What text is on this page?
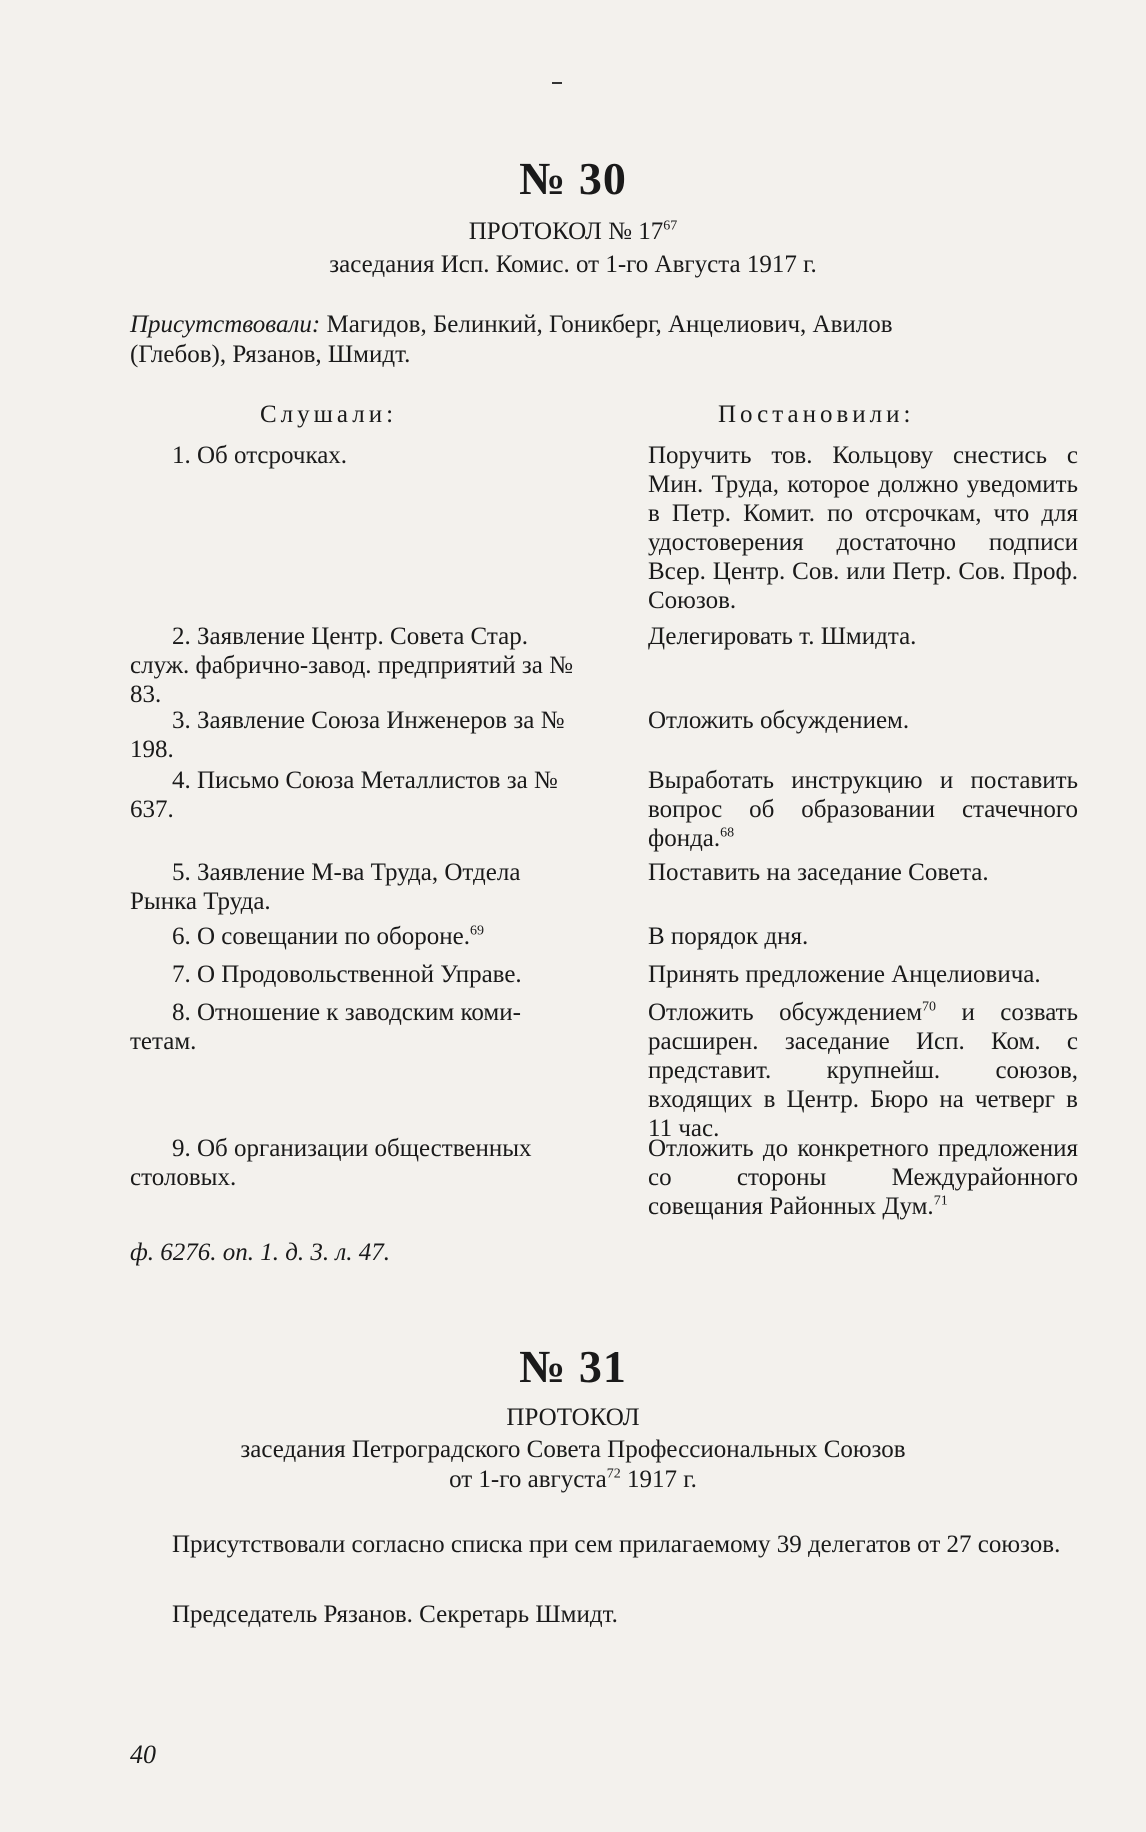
№ 30
ПРОТОКОЛ № $17^{67}$
заседания Исп. Комис. от 1-го Августа 1917 г.
Присутствовали: Магидов, Белинкий, Гоникберг, Анцелиович, Авилов
(Глебов), Рязанов, Шмидт.
Слушали:	Постановили:
1. Об отсрочках.
2. Заявление Центр. Совета Стар. служ. фабрично-завод. предприятий за № 83.
3. Заявление Союза Инженеров за № 198.
4. Письмо Союза Металлистов за № 637.
5. Заявление М-ва Труда, Отдела Рынка Труда.
6. О совещании по обороне.$^{69}$
7. О Продовольственной Управе.
8. Отношение к заводским коми- тетам.
9. Об организации общественных столовых.
Поручить тов. Кольцову снестись с Мин. Труда, которое должно уведомить в Петр. Комит. по отсрочкам, что для удостоверения достаточно подписи Всер. Центр. Сов. или Петр. Сов. Проф. Союзов.
Делегировать т. Шмидта.
Отложить обсуждением.
Выработать инструкцию и поставить вопрос об образовании стачечного фонда.$^{68}$
Поставить на заседание Совета.
В порядок дня.
Принять предложение Анцелиовича.
Отложить обсуждением$^{70}$ и созвать расширен. заседание Исп. Ком. с представит. крупнейш. союзов, входящих в Центр. Бюро на четверг в 11 час.
Отложить до конкретного предложения со стороны Междурайонного совещания Районных Дум.$^{71}$
ф. 6276. оп. 1. д. 3. л. 47.
№ 31
ПРОТОКОЛ
заседания Петроградского Совета Профессиональных Союзов
от 1-го августа$^{72}$ 1917 г.
Присутствовали согласно списка при сем прилагаемому 39 делегатов от 27 союзов.
Председатель Рязанов. Секретарь Шмидт.
40
